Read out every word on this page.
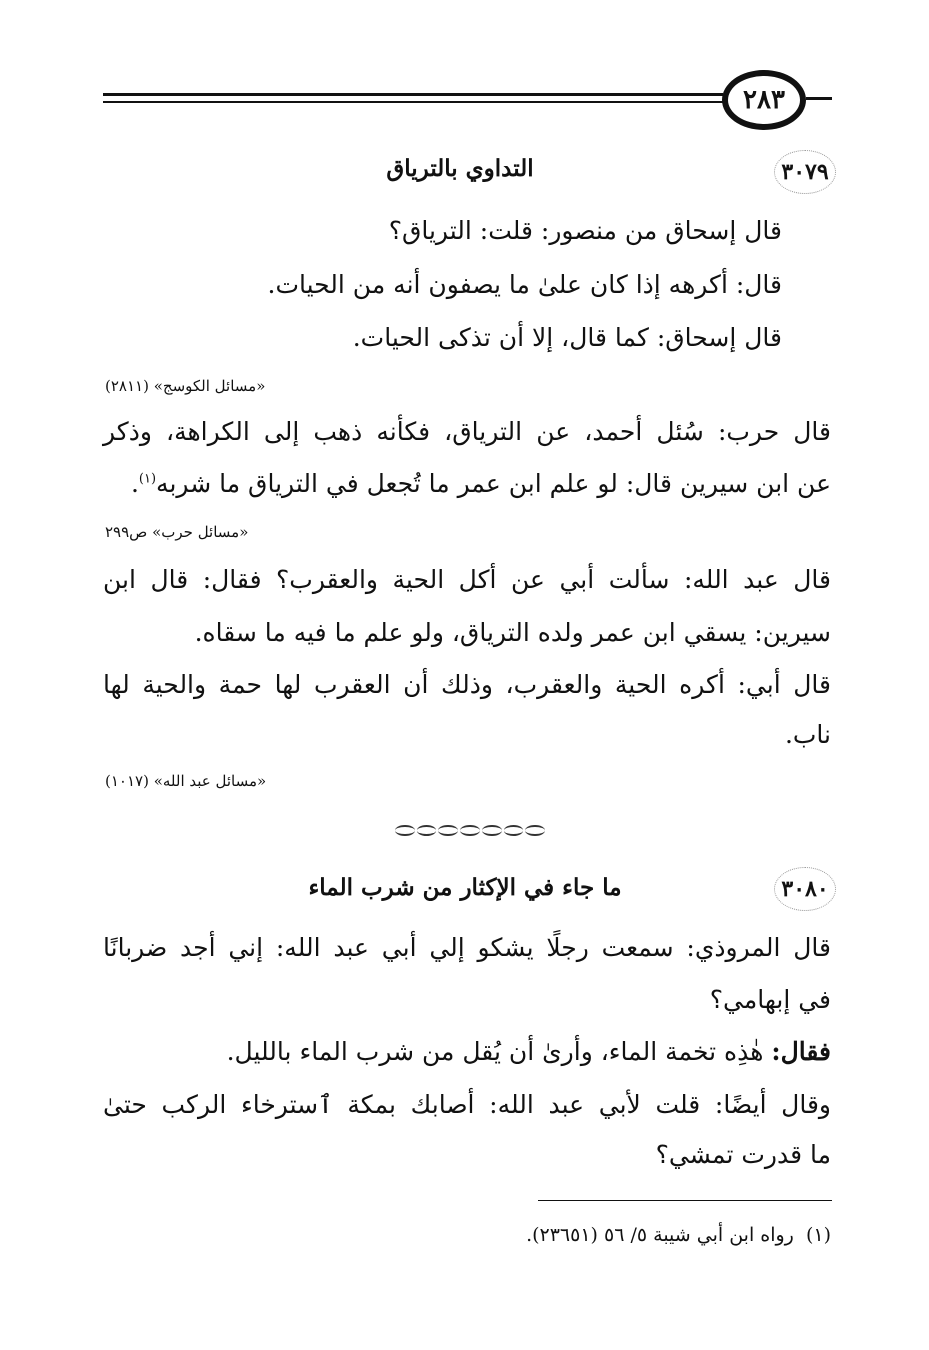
٢٨٣
٣٠٧٩
التداوي بالترياق
قال إسحاق من منصور: قلت: الترياق؟
قال: أكرهه إذا كان علىٰ ما يصفون أنه من الحيات.
قال إسحاق: كما قال، إلا أن تذكى الحيات.
«مسائل الكوسج» (٢٨١١)
قال حرب: سُئل أحمد، عن الترياق، فكأنه ذهب إلى الكراهة، وذكر
عن ابن سيرين قال: لو علم ابن عمر ما تُجعل في الترياق ما شربه$^{(١)}$.
«مسائل حرب» ص٢٩٩
قال عبد الله: سألت أبي عن أكل الحية والعقرب؟ فقال: قال ابن
سيرين: يسقي ابن عمر ولده الترياق، ولو علم ما فيه ما سقاه.
قال أبي: أكره الحية والعقرب، وذلك أن العقرب لها حمة والحية لها
ناب.
«مسائل عبد الله» (١٠١٧)
٣٠٨٠
ما جاء في الإكثار من شرب الماء
قال المروذي: سمعت رجلًا يشكو إلي أبي عبد الله: إني أجد ضربانًا
في إبهامي؟
فقال: هٰذِه تخمة الماء، وأرىٰ أن يُقل من شرب الماء بالليل.
وقال أيضًا: قلت لأبي عبد الله: أصابك بمكة ٱسترخاء الركب حتىٰ
ما قدرت تمشي؟
(١)  رواه ابن أبي شيبة ٥/ ٥٦ (٢٣٦٥١).
